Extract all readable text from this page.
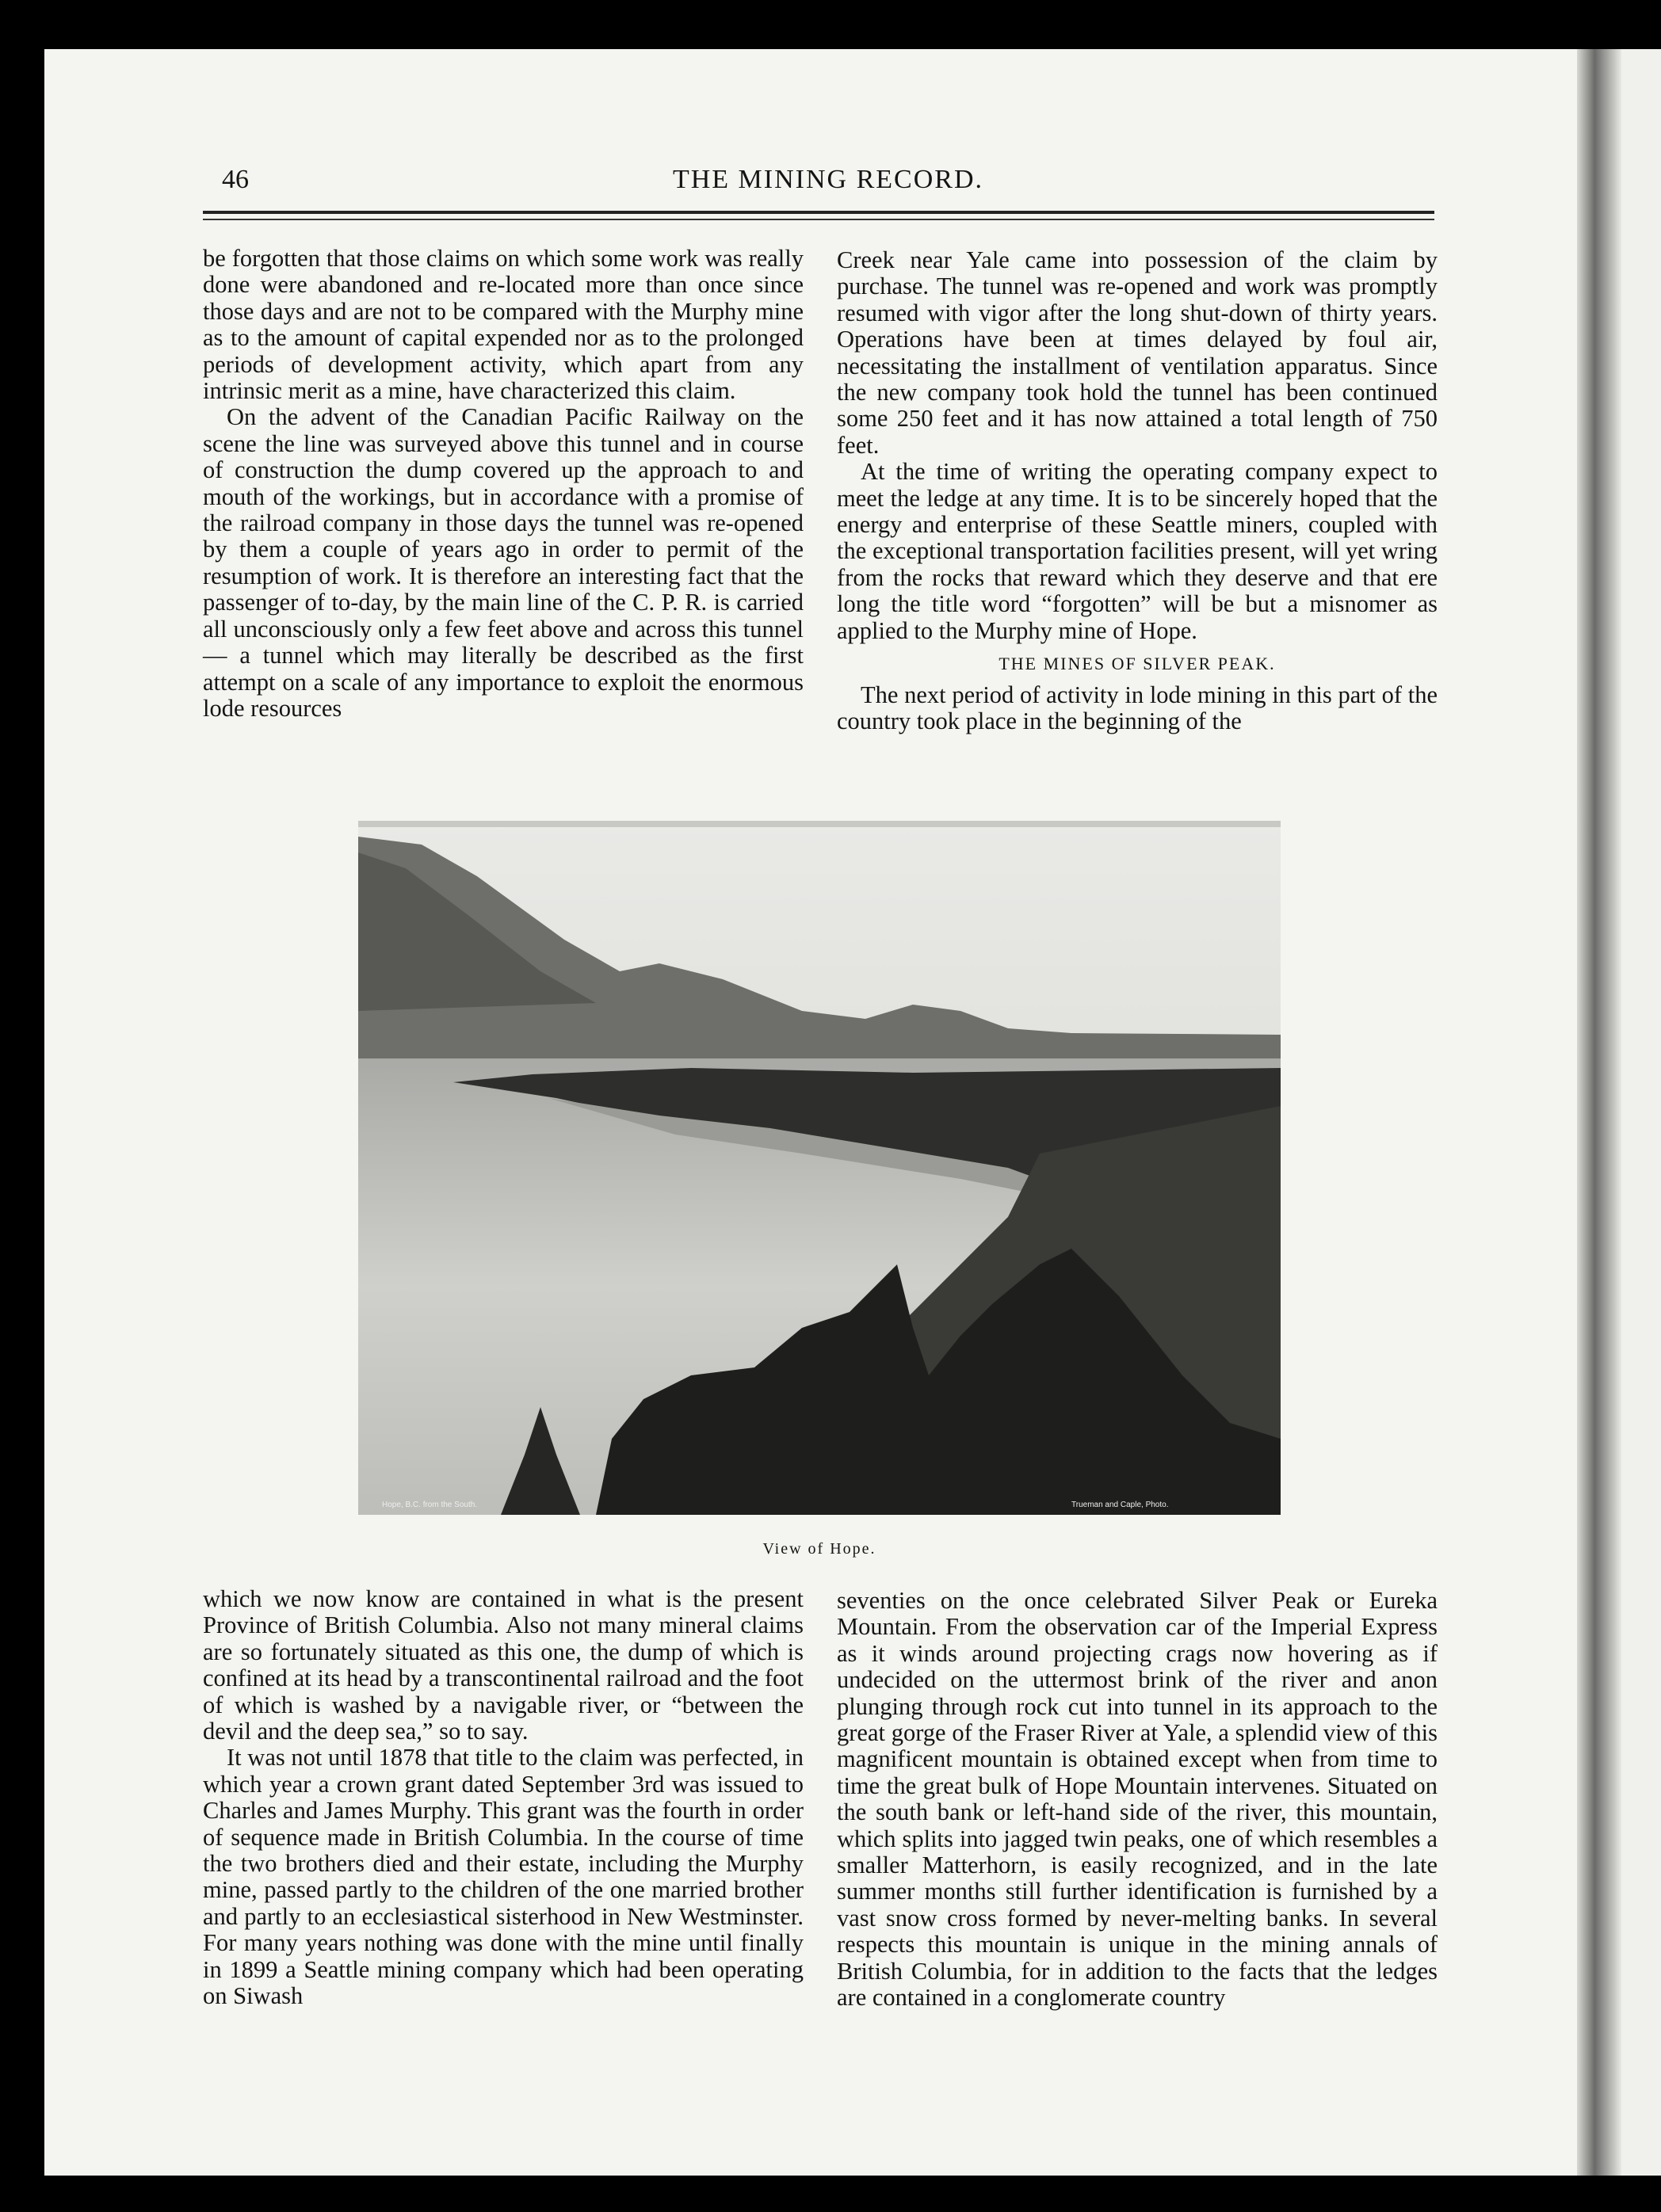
46	THE MINING RECORD.

be forgotten that those claims on which some work was really done were abandoned and re-located more than once since those days and are not to be compared with the Murphy mine as to the amount of capital expended nor as to the prolonged periods of development activity, which apart from any intrinsic merit as a mine, have characterized this claim.

On the advent of the Canadian Pacific Railway on the scene the line was surveyed above this tunnel and in course of construction the dump covered up the approach to and mouth of the workings, but in accordance with a promise of the railroad company in those days the tunnel was re-opened by them a couple of years ago in order to permit of the resumption of work. It is therefore an interesting fact that the passenger of to-day, by the main line of the C. P. R. is carried all unconsciously only a few feet above and across this tunnel— a tunnel which may literally be described as the first attempt on a scale of any importance to exploit the enormous lode resources

Creek near Yale came into possession of the claim by purchase. The tunnel was re-opened and work was promptly resumed with vigor after the long shut-down of thirty years. Operations have been at times delayed by foul air, necessitating the installment of ventilation apparatus. Since the new company took hold the tunnel has been continued some 250 feet and it has now attained a total length of 750 feet.

At the time of writing the operating company expect to meet the ledge at any time. It is to be sincerely hoped that the energy and enterprise of these Seattle miners, coupled with the exceptional transportation facilities present, will yet wring from the rocks that reward which they deserve and that ere long the title word “forgotten” will be but a misnomer as applied to the Murphy mine of Hope.

THE MINES OF SILVER PEAK.

The next period of activity in lode mining in this part of the country took place in the beginning of the

Hope, B.C. from the South.	Trueman and Caple, Photo.
View of Hope.

which we now know are contained in what is the present Province of British Columbia. Also not many mineral claims are so fortunately situated as this one, the dump of which is confined at its head by a transcontinental railroad and the foot of which is washed by a navigable river, or “between the devil and the deep sea,” so to say.

It was not until 1878 that title to the claim was perfected, in which year a crown grant dated September 3rd was issued to Charles and James Murphy. This grant was the fourth in order of sequence made in British Columbia. In the course of time the two brothers died and their estate, including the Murphy mine, passed partly to the children of the one married brother and partly to an ecclesiastical sisterhood in New Westminster. For many years nothing was done with the mine until finally in 1899 a Seattle mining company which had been operating on Siwash

seventies on the once celebrated Silver Peak or Eureka Mountain. From the observation car of the Imperial Express as it winds around projecting crags now hovering as if undecided on the uttermost brink of the river and anon plunging through rock cut into tunnel in its approach to the great gorge of the Fraser River at Yale, a splendid view of this magnificent mountain is obtained except when from time to time the great bulk of Hope Mountain intervenes. Situated on the south bank or left-hand side of the river, this mountain, which splits into jagged twin peaks, one of which resembles a smaller Matterhorn, is easily recognized, and in the late summer months still further identification is furnished by a vast snow cross formed by never-melting banks. In several respects this mountain is unique in the mining annals of British Columbia, for in addition to the facts that the ledges are contained in a conglomerate country
